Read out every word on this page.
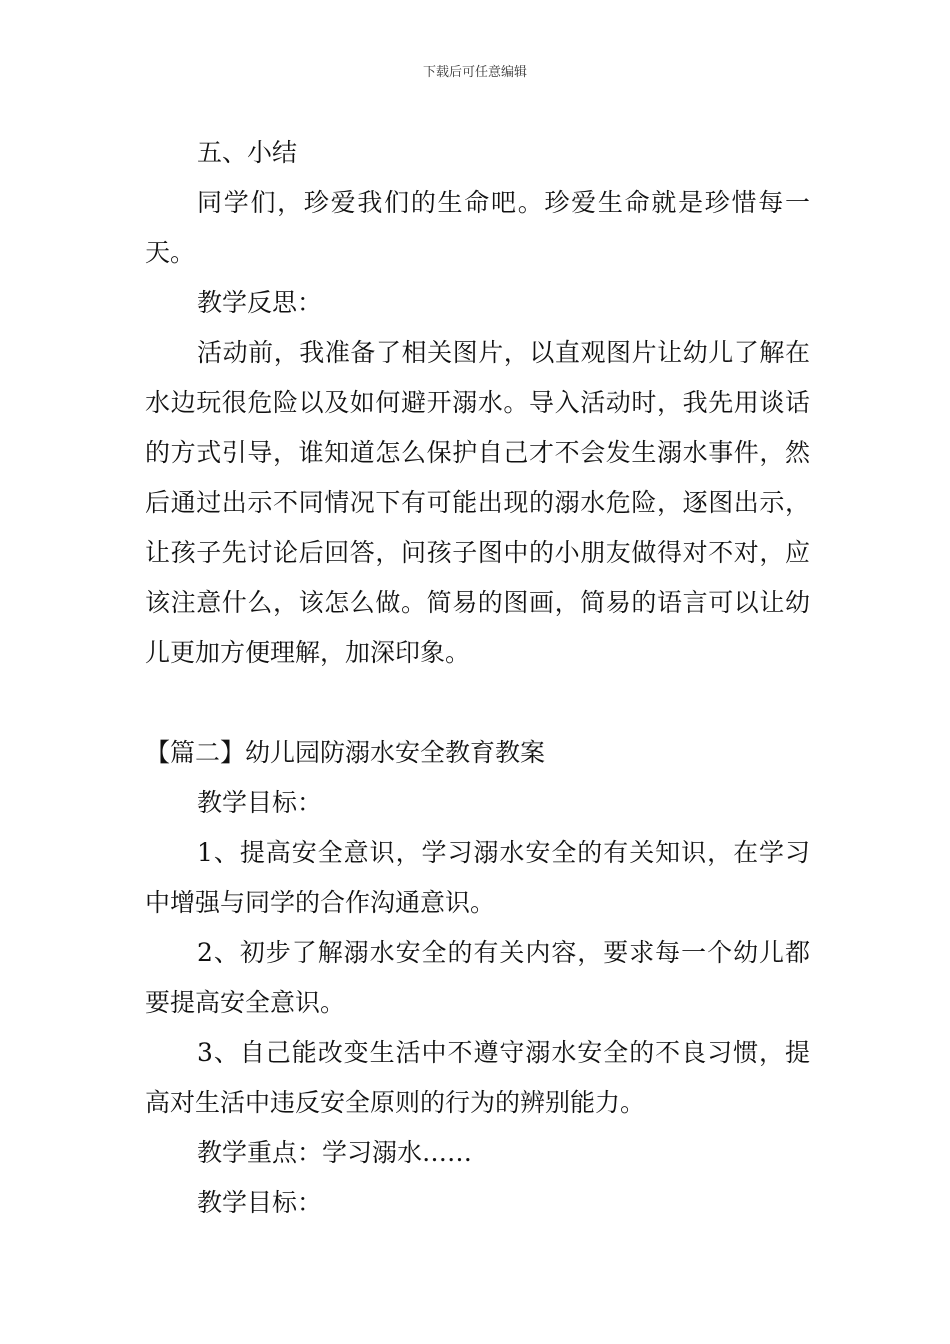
下载后可任意编辑

五、小结

同学们，珍爱我们的生命吧。珍爱生命就是珍惜每一天。

教学反思：

活动前，我准备了相关图片，以直观图片让幼儿了解在水边玩很危险以及如何避开溺水。导入活动时，我先用谈话的方式引导，谁知道怎么保护自己才不会发生溺水事件，然后通过出示不同情况下有可能出现的溺水危险，逐图出示，让孩子先讨论后回答，问孩子图中的小朋友做得对不对，应该注意什么，该怎么做。简易的图画，简易的语言可以让幼儿更加方便理解，加深印象。

【篇二】幼儿园防溺水安全教育教案

教学目标：

1、提高安全意识，学习溺水安全的有关知识，在学习中增强与同学的合作沟通意识。

2、初步了解溺水安全的有关内容，要求每一个幼儿都要提高安全意识。

3、自己能改变生活中不遵守溺水安全的不良习惯，提高对生活中违反安全原则的行为的辨别能力。

教学重点：学习溺水……

教学目标：
